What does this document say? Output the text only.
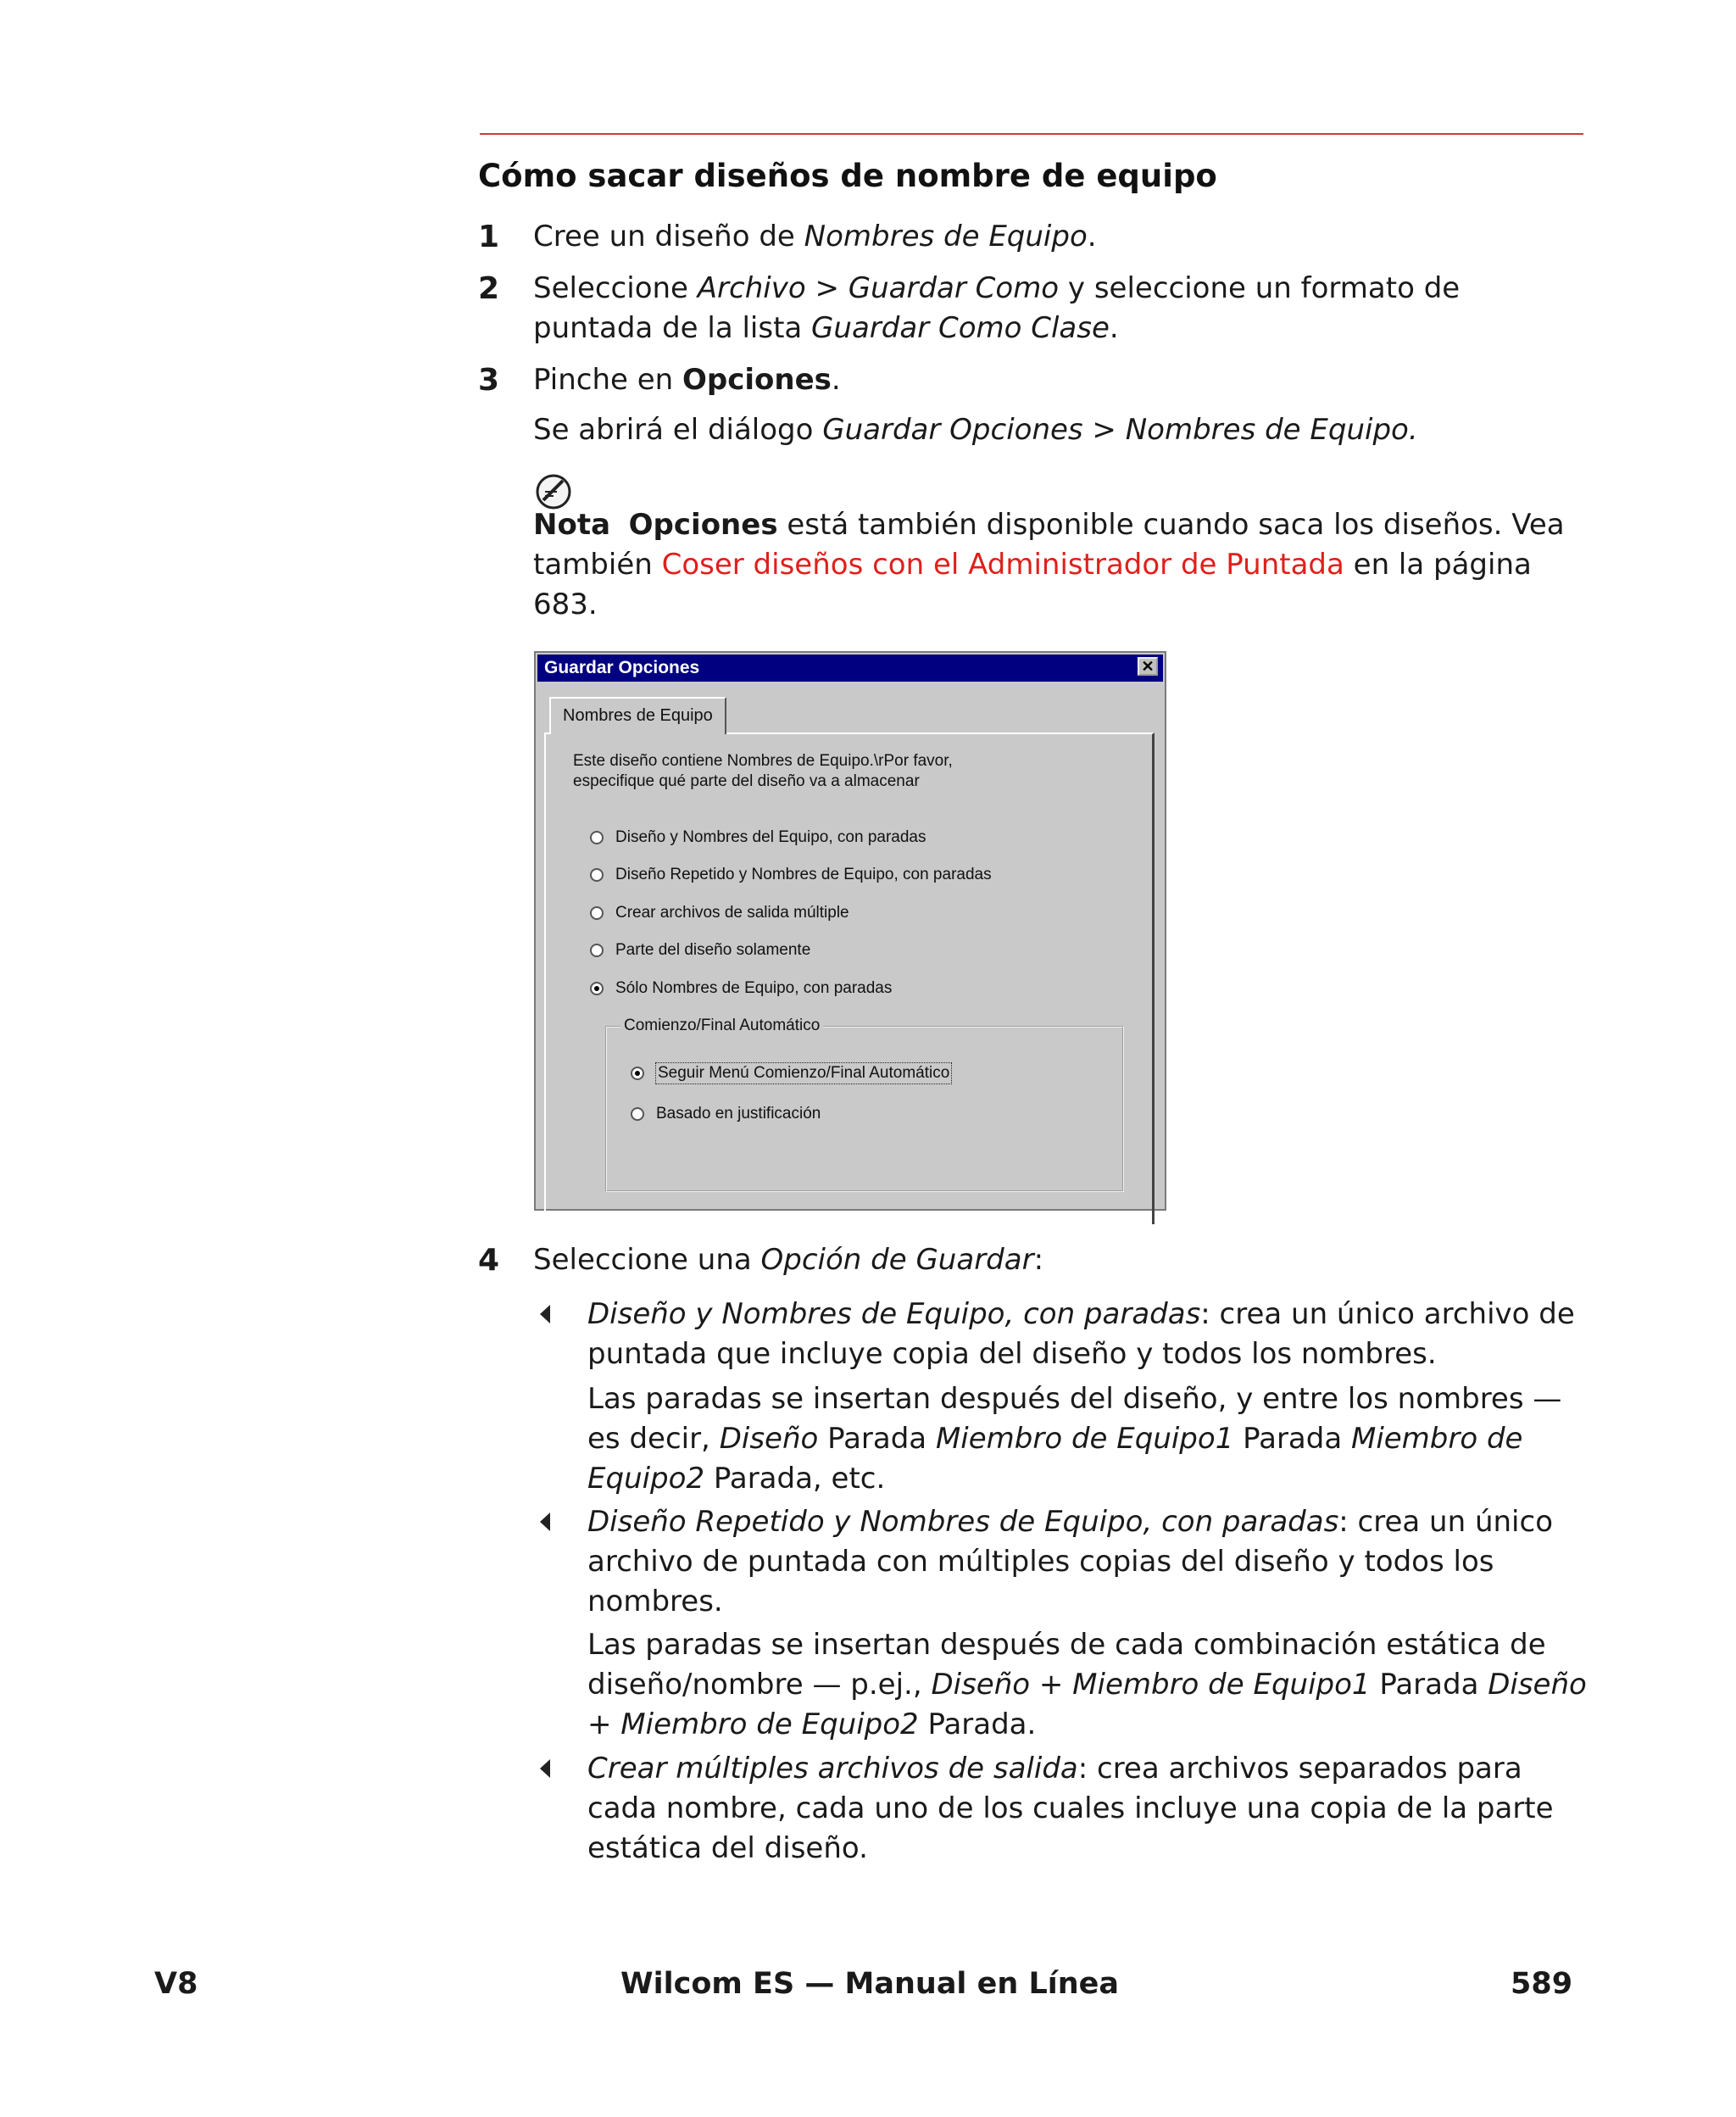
Cómo sacar diseños de nombre de equipo
1 Cree un diseño de Nombres de Equipo.
2 Seleccione Archivo > Guardar Como y seleccione un formato de puntada de la lista Guardar Como Clase.
3 Pinche en Opciones.
Se abrirá el diálogo Guardar Opciones > Nombres de Equipo.
Nota Opciones está también disponible cuando saca los diseños. Vea también Coser diseños con el Administrador de Puntada en la página 683.
Guardar Opciones	✕
Nombres de Equipo
Este diseño contiene Nombres de Equipo.\rPor favor, especifique qué parte del diseño va a almacenar
Diseño y Nombres del Equipo, con paradas
Diseño Repetido y Nombres de Equipo, con paradas
Crear archivos de salida múltiple
Parte del diseño solamente
Sólo Nombres de Equipo, con paradas
Comienzo/Final Automático
Seguir Menú Comienzo/Final Automático
Basado en justificación
4 Seleccione una Opción de Guardar:
Diseño y Nombres de Equipo, con paradas: crea un único archivo de puntada que incluye copia del diseño y todos los nombres.
Las paradas se insertan después del diseño, y entre los nombres — es decir, Diseño Parada Miembro de Equipo1 Parada Miembro de Equipo2 Parada, etc.
Diseño Repetido y Nombres de Equipo, con paradas: crea un único archivo de puntada con múltiples copias del diseño y todos los nombres.
Las paradas se insertan después de cada combinación estática de diseño/nombre — p.ej., Diseño + Miembro de Equipo1 Parada Diseño + Miembro de Equipo2 Parada.
Crear múltiples archivos de salida: crea archivos separados para cada nombre, cada uno de los cuales incluye una copia de la parte estática del diseño.
V8	Wilcom ES — Manual en Línea	589
